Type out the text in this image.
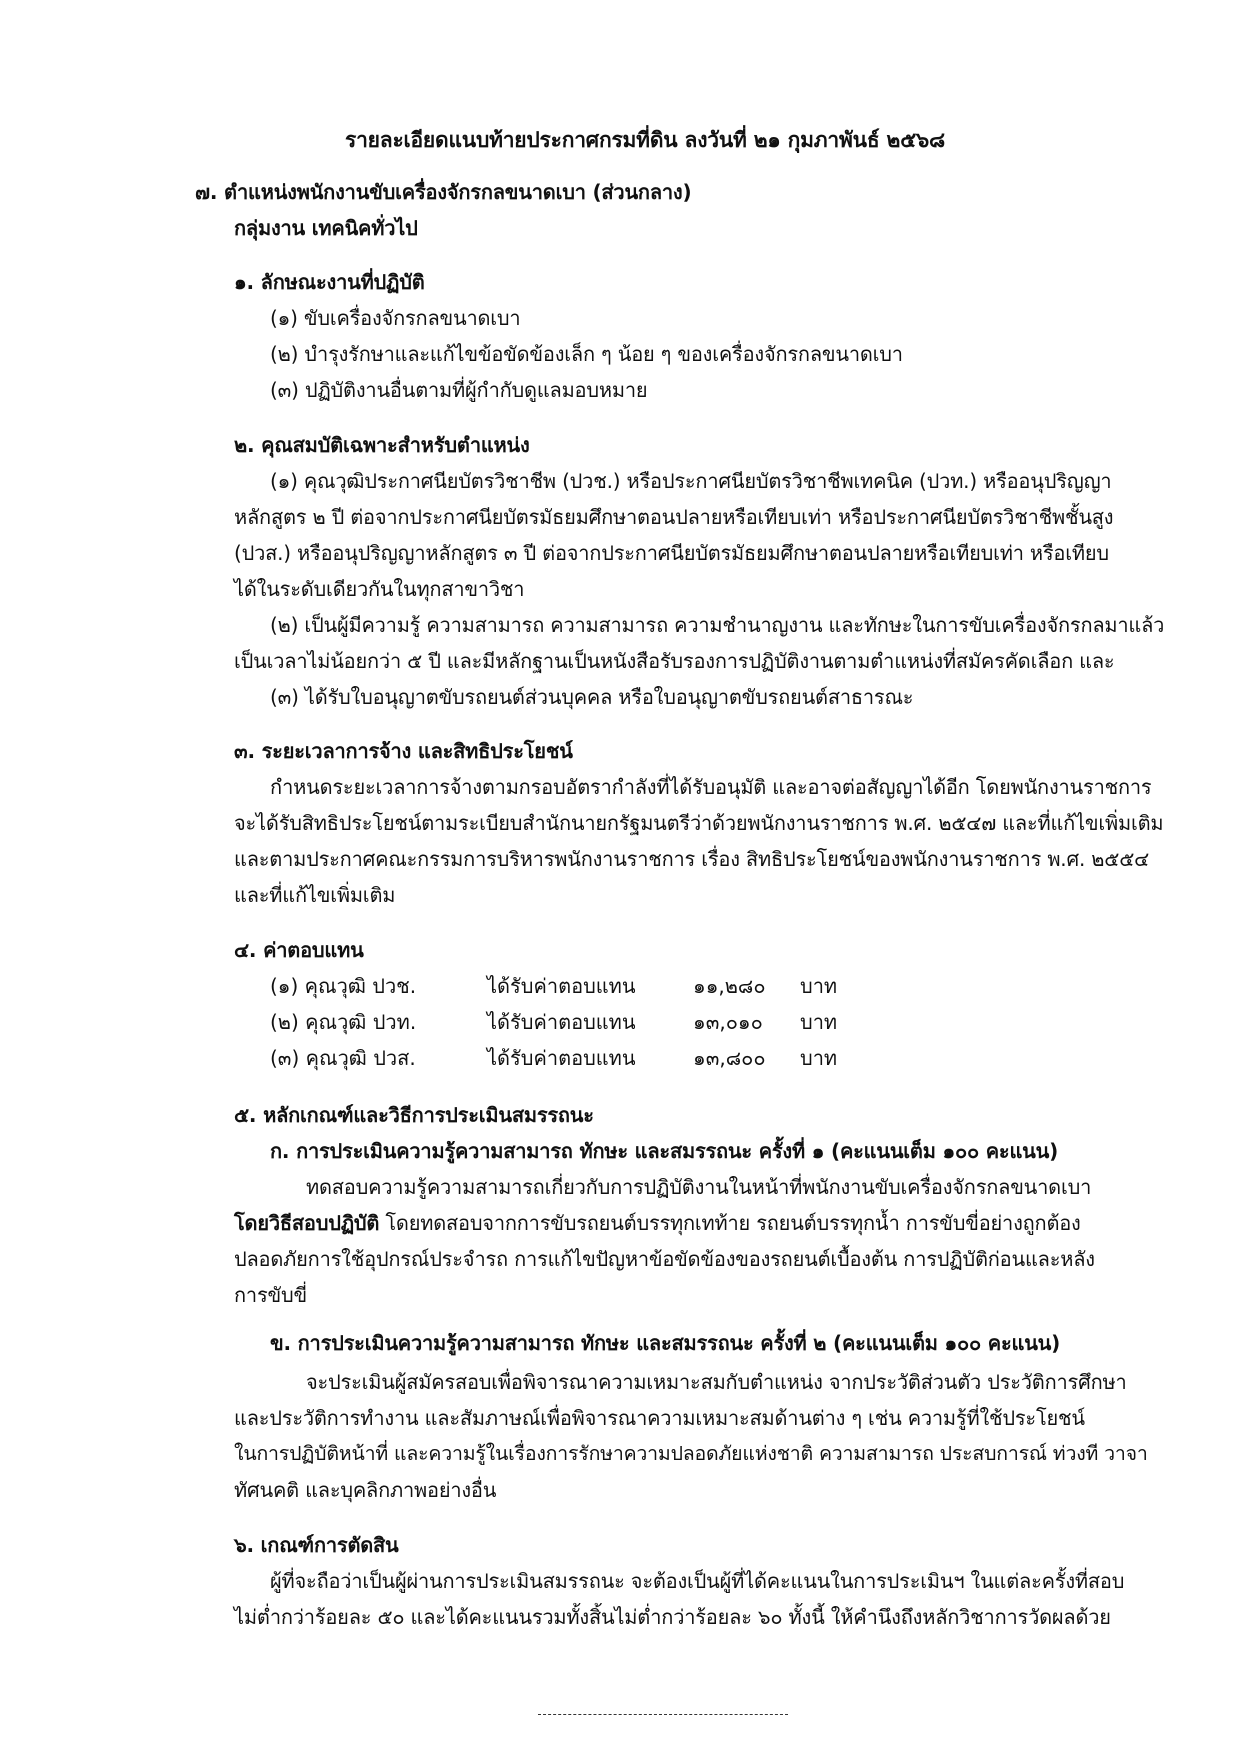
รายละเอียดแนบท้ายประกาศกรมที่ดิน ลงวันที่ ๒๑ กุมภาพันธ์ ๒๕๖๘
๗. ตำแหน่งพนักงานขับเครื่องจักรกลขนาดเบา (ส่วนกลาง)
กลุ่มงาน เทคนิคทั่วไป
๑. ลักษณะงานที่ปฏิบัติ
(๑) ขับเครื่องจักรกลขนาดเบา
(๒) บำรุงรักษาและแก้ไขข้อขัดข้องเล็ก ๆ น้อย ๆ ของเครื่องจักรกลขนาดเบา
(๓) ปฏิบัติงานอื่นตามที่ผู้กำกับดูแลมอบหมาย
๒. คุณสมบัติเฉพาะสำหรับตำแหน่ง
(๑) คุณวุฒิประกาศนียบัตรวิชาชีพ (ปวช.) หรือประกาศนียบัตรวิชาชีพเทคนิค (ปวท.) หรืออนุปริญญา
หลักสูตร ๒ ปี ต่อจากประกาศนียบัตรมัธยมศึกษาตอนปลายหรือเทียบเท่า หรือประกาศนียบัตรวิชาชีพชั้นสูง
(ปวส.) หรืออนุปริญญาหลักสูตร ๓ ปี ต่อจากประกาศนียบัตรมัธยมศึกษาตอนปลายหรือเทียบเท่า หรือเทียบ
ได้ในระดับเดียวกันในทุกสาขาวิชา
(๒) เป็นผู้มีความรู้ ความสามารถ ความสามารถ ความชำนาญงาน และทักษะในการขับเครื่องจักรกลมาแล้ว
เป็นเวลาไม่น้อยกว่า ๕ ปี และมีหลักฐานเป็นหนังสือรับรองการปฏิบัติงานตามตำแหน่งที่สมัครคัดเลือก และ
(๓) ได้รับใบอนุญาตขับรถยนต์ส่วนบุคคล หรือใบอนุญาตขับรถยนต์สาธารณะ
๓. ระยะเวลาการจ้าง และสิทธิประโยชน์
กำหนดระยะเวลาการจ้างตามกรอบอัตรากำลังที่ได้รับอนุมัติ และอาจต่อสัญญาได้อีก โดยพนักงานราชการ
จะได้รับสิทธิประโยชน์ตามระเบียบสำนักนายกรัฐมนตรีว่าด้วยพนักงานราชการ พ.ศ. ๒๕๔๗ และที่แก้ไขเพิ่มเติม
และตามประกาศคณะกรรมการบริหารพนักงานราชการ เรื่อง สิทธิประโยชน์ของพนักงานราชการ พ.ศ. ๒๕๕๔
และที่แก้ไขเพิ่มเติม
๔. ค่าตอบแทน
(๑) คุณวุฒิ ปวช.	ได้รับค่าตอบแทน	๑๑,๒๘๐ บาท
(๒) คุณวุฒิ ปวท.	ได้รับค่าตอบแทน	๑๓,๐๑๐ บาท
(๓) คุณวุฒิ ปวส.	ได้รับค่าตอบแทน	๑๓,๘๐๐ บาท
๕. หลักเกณฑ์และวิธีการประเมินสมรรถนะ
ก. การประเมินความรู้ความสามารถ ทักษะ และสมรรถนะ ครั้งที่ ๑ (คะแนนเต็ม ๑๐๐ คะแนน)
ทดสอบความรู้ความสามารถเกี่ยวกับการปฏิบัติงานในหน้าที่พนักงานขับเครื่องจักรกลขนาดเบา
โดยวิธีสอบปฏิบัติ โดยทดสอบจากการขับรถยนต์บรรทุกเทท้าย รถยนต์บรรทุกน้ำ การขับขี่อย่างถูกต้อง
ปลอดภัยการใช้อุปกรณ์ประจำรถ การแก้ไขปัญหาข้อขัดข้องของรถยนต์เบื้องต้น การปฏิบัติก่อนและหลัง
การขับขี่
ข. การประเมินความรู้ความสามารถ ทักษะ และสมรรถนะ ครั้งที่ ๒ (คะแนนเต็ม ๑๐๐ คะแนน)
จะประเมินผู้สมัครสอบเพื่อพิจารณาความเหมาะสมกับตำแหน่ง จากประวัติส่วนตัว ประวัติการศึกษา
และประวัติการทำงาน และสัมภาษณ์เพื่อพิจารณาความเหมาะสมด้านต่าง ๆ เช่น ความรู้ที่ใช้ประโยชน์
ในการปฏิบัติหน้าที่ และความรู้ในเรื่องการรักษาความปลอดภัยแห่งชาติ ความสามารถ ประสบการณ์ ท่วงที วาจา
ทัศนคติ และบุคลิกภาพอย่างอื่น
๖. เกณฑ์การตัดสิน
ผู้ที่จะถือว่าเป็นผู้ผ่านการประเมินสมรรถนะ จะต้องเป็นผู้ที่ได้คะแนนในการประเมินฯ ในแต่ละครั้งที่สอบ
ไม่ต่ำกว่าร้อยละ ๕๐ และได้คะแนนรวมทั้งสิ้นไม่ต่ำกว่าร้อยละ ๖๐ ทั้งนี้ ให้คำนึงถึงหลักวิชาการวัดผลด้วย
